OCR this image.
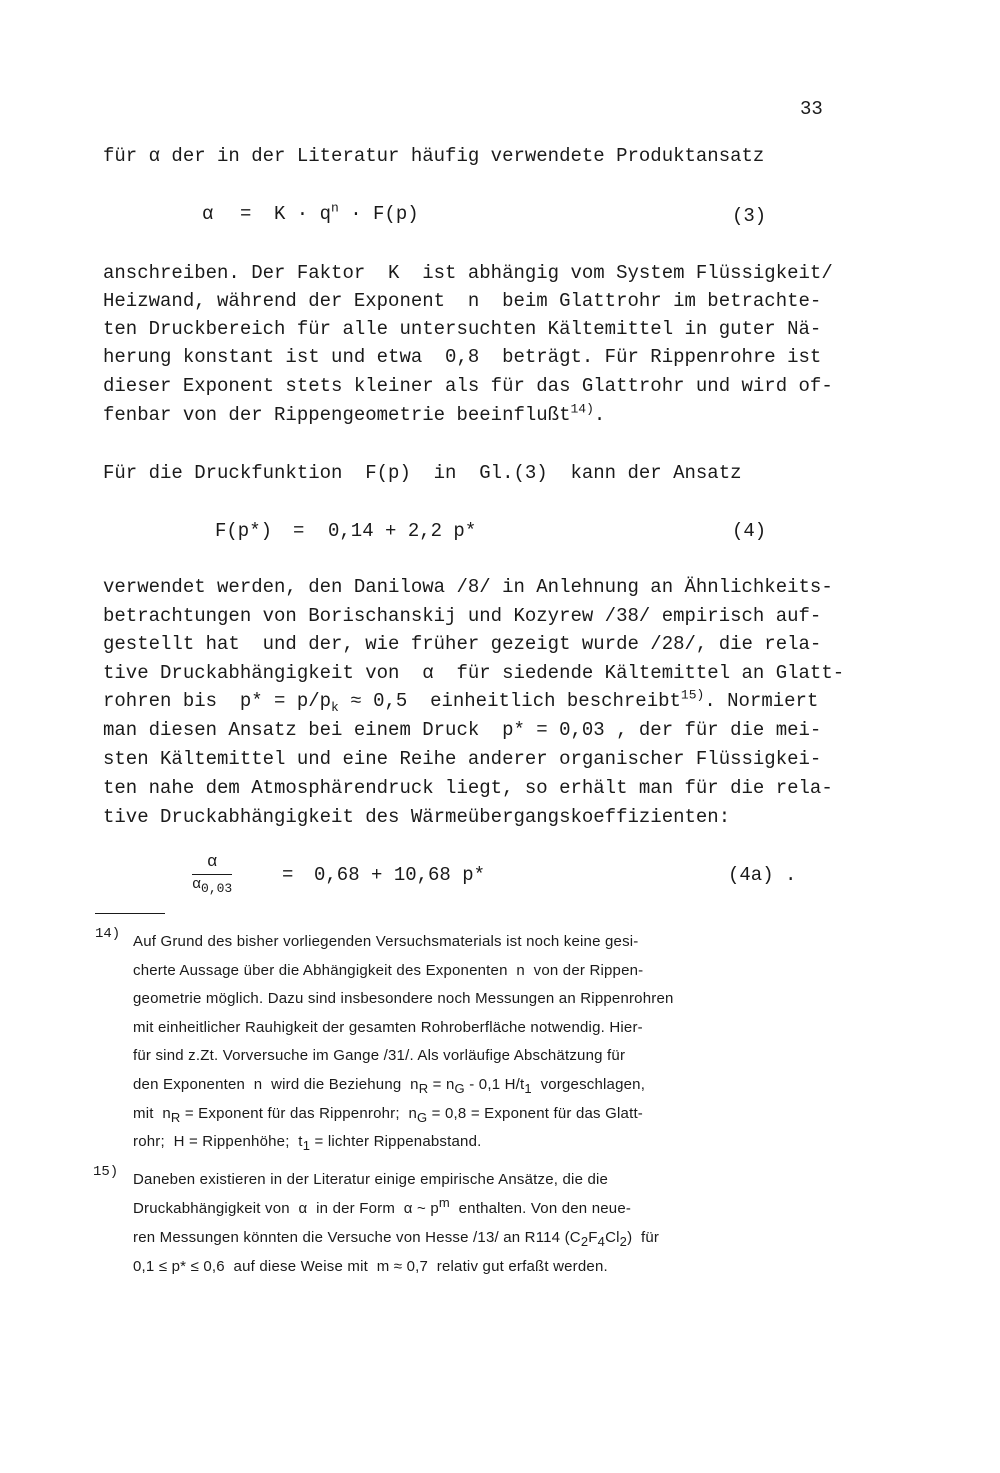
33
für α der in der Literatur häufig verwendete Produktansatz
$\alpha = K \cdot q^n \cdot F(p)$	(3)
anschreiben. Der Faktor  K  ist abhängig vom System Flüssigkeit/
Heizwand, während der Exponent  n  beim Glattrohr im betrachte-
ten Druckbereich für alle untersuchten Kältemittel in guter Nä-
herung konstant ist und etwa  0,8  beträgt. Für Rippenrohre ist
dieser Exponent stets kleiner als für das Glattrohr und wird of-
fenbar von der Rippengeometrie beeinflußt$^{14)}$.
Für die Druckfunktion  F(p)  in  Gl.(3)  kann der Ansatz
F(p*) = 0,14 + 2,2 p*	(4)
verwendet werden, den Danilowa /8/ in Anlehnung an Ähnlichkeits-
betrachtungen von Borischanskij und Kozyrew /38/ empirisch auf-
gestellt hat  und der, wie früher gezeigt wurde /28/, die rela-
tive Druckabhängigkeit von  α  für siedende Kältemittel an Glatt-
rohren bis  $p* = p/p_k \approx 0,5$  einheitlich beschreibt$^{15)}$. Normiert
man diesen Ansatz bei einem Druck  p* = 0,03 , der für die mei-
sten Kältemittel und eine Reihe anderer organischer Flüssigkei-
ten nahe dem Atmosphärendruck liegt, so erhält man für die rela-
tive Druckabhängigkeit des Wärmeübergangskoeffizienten:
$\frac{\alpha}{\alpha_{0,03}}$	= 0,68 + 10,68 p*	(4a) .
14) Auf Grund des bisher vorliegenden Versuchsmaterials ist noch keine gesi-
cherte Aussage über die Abhängigkeit des Exponenten  n  von der Rippen-
geometrie möglich. Dazu sind insbesondere noch Messungen an Rippenrohren
mit einheitlicher Rauhigkeit der gesamten Rohroberfläche notwendig. Hier-
für sind z.Zt. Vorversuche im Gange /31/. Als vorläufige Abschätzung für
den Exponenten  n  wird die Beziehung  $n_R = n_G - 0,1$ $H/t_1$  vorgeschlagen,
mit  $n_R$ = Exponent für das Rippenrohr;  $n_G = 0,8$ = Exponent für das Glatt-
rohr;  H = Rippenhöhe;  $t_1$ = lichter Rippenabstand.
15) Daneben existieren in der Literatur einige empirische Ansätze, die die
Druckabhängigkeit von  α  in der Form  α ~ $p^m$  enthalten. Von den neue-
ren Messungen könnten die Versuche von Hesse /13/ an R114 $(C_2F_4Cl_2)$  für
0,1 ≤ p* ≤ 0,6  auf diese Weise mit  m ≈ 0,7  relativ gut erfaßt werden.
